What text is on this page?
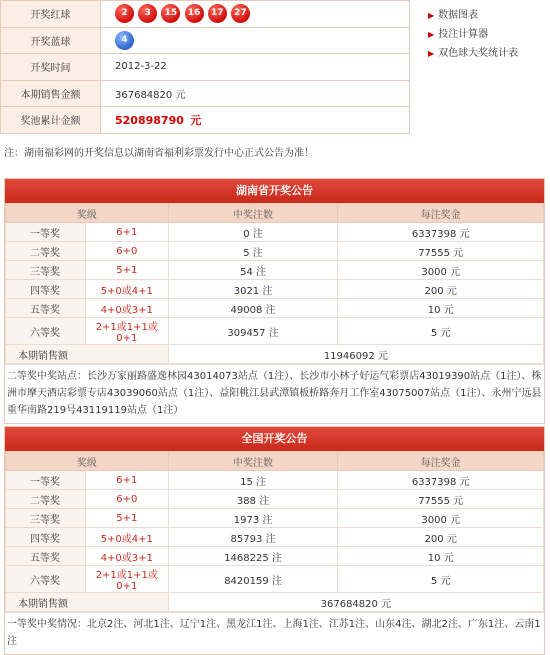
开奖红球	2 3 15 16 17 27
开奖蓝球	4
开奖时间	2012-3-22
本期销售金额	367684820 元
奖池累计金额	520898790 元
▶ 数据图表
▶ 投注计算器
▶ 双色球大奖统计表
注：湖南福彩网的开奖信息以湖南省福利彩票发行中心正式公告为准！
湖南省开奖公告
奖级		中奖注数	每注奖金
一等奖	6+1	0 注	6337398 元
二等奖	6+0	5 注	77555 元
三等奖	5+1	54 注	3000 元
四等奖	5+0或4+1	3021 注	200 元
五等奖	4+0或3+1	49008 注	10 元
六等奖	2+1或1+1或0+1	309457 注	5 元
本期销售额		11946092 元	
二等奖中奖站点：长沙万家丽路盛逸林园43014073站点（1注）、长沙市小林子好运气彩票店43019390站点（1注）、株洲市摩天酒店彩票专店43039060站点（1注）、益阳桃江县武潭镇板桥路奔月工作室43075007站点（1注）、永州宁远县重华南路219号43119119站点（1注）
全国开奖公告
奖级		中奖注数	每注奖金
一等奖	6+1	15 注	6337398 元
二等奖	6+0	388 注	77555 元
三等奖	5+1	1973 注	3000 元
四等奖	5+0或4+1	85793 注	200 元
五等奖	4+0或3+1	1468225 注	10 元
六等奖	2+1或1+1或0+1	8420159 注	5 元
本期销售额		367684820 元	
一等奖中奖情况：北京2注、河北1注、辽宁1注、黑龙江1注、上海1注、江苏1注、山东4注、湖北2注、广东1注、云南1注
